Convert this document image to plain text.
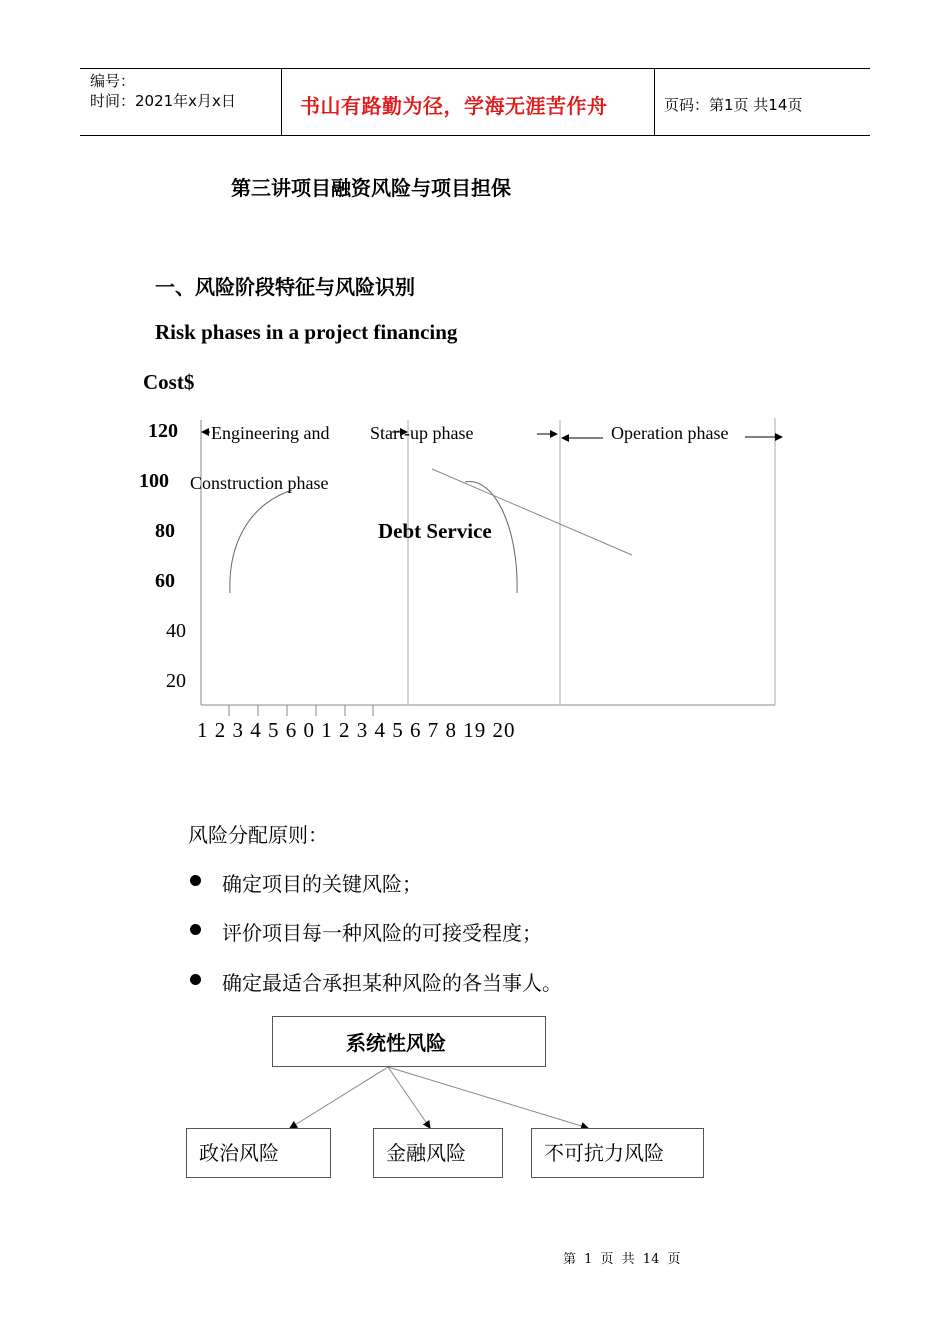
编号：
时间：2021年x月x日	书山有路勤为径，学海无涯苦作舟	页码：第1页 共14页
第三讲项目融资风险与项目担保
一、风险阶段特征与风险识别
Risk phases in a project financing
Cost$
120
100
80
60
40
20
Engineering and
Construction phase
Start-up phase	Operation phase
Debt Service
1 2 3 4 5 6 0 1 2 3 4 5 6 7 8 19 20
风险分配原则：
确定项目的关键风险；
评价项目每一种风险的可接受程度；
确定最适合承担某种风险的各当事人。
系统性风险
政治风险	金融风险	不可抗力风险
第 1 页 共 14 页
